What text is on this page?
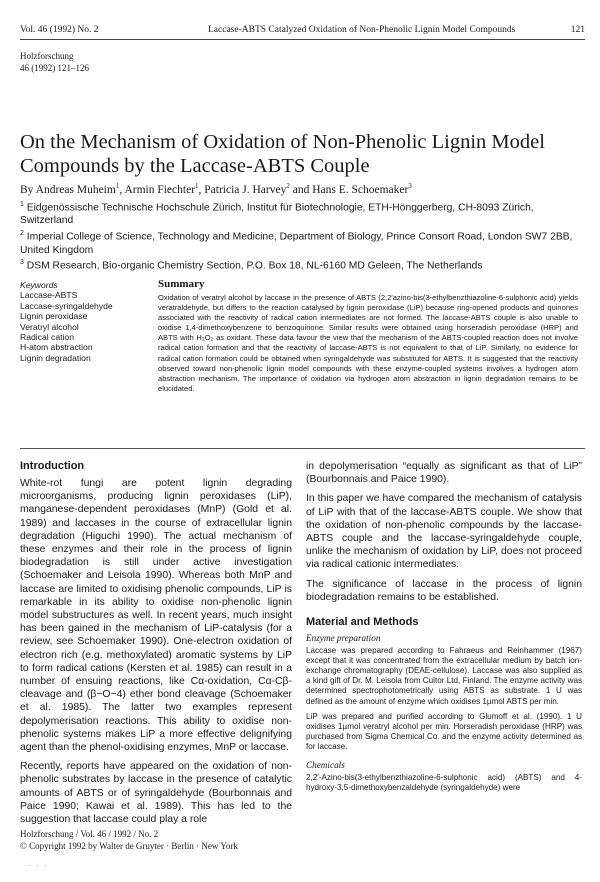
Vol. 46 (1992) No. 2	Laccase-ABTS Catalyzed Oxidation of Non-Phenolic Lignin Model Compounds	121
Holzforschung
46 (1992) 121–126
On the Mechanism of Oxidation of Non-Phenolic Lignin Model Compounds by the Laccase-ABTS Couple
By Andreas Muheim$^1$, Armin Fiechter$^1$, Patricia J. Harvey$^2$ and Hans E. Schoemaker$^3$

$^1$ Eidgenössische Technische Hochschule Zürich, Institut für Biotechnologie, ETH-Hönggerberg, CH-8093 Zürich, Switzerland

$^2$ Imperial College of Science, Technology and Medicine, Department of Biology, Prince Consort Road, London SW7 2BB, United Kingdom

$^3$ DSM Research, Bio-organic Chemistry Section, P.O. Box 18, NL-6160 MD Geleen, The Netherlands

Keywords
Laccase-ABTS
Laccase-syringaldehyde
Lignin peroxidase
Veratryl alcohol
Radical cation
H-atom abstraction
Lignin degradation
Summary

Oxidation of veratryl alcohol by laccase in the presence of ABTS (2,2′azino-bis(3-ethylbenzthiazoline-6-sulphonic acid) yields veratraldehyde, but differs to the reaction catalysed by lignin peroxidase (LiP) because ring-opened products and quinones associated with the reactivity of radical cation intermediates are not formed. The laccase-ABTS couple is also unable to oxidise 1,4-dimethoxybenzene to benzoquinone. Similar results were obtained using horseradish peroxidase (HRP) and ABTS with H₂O₂ as oxidant. These data favour the view that the mechanism of the ABTS-coupled reaction does not involve radical cation formation and that the reactivity of laccase-ABTS is not equivalent to that of LiP. Similarly, no evidence for radical cation formation could be obtained when syringaldehyde was substituted for ABTS. It is suggested that the reactivity observed toward non-phenolic lignin model compounds with these enzyme-coupled systems involves a hydrogen atom abstraction mechanism. The importance of oxidation via hydrogen atom abstraction in lignin degradation remains to be elucidated.

Introduction

White-rot fungi are potent lignin degrading microorganisms, producing lignin peroxidases (LiP), manganese-dependent peroxidases (MnP) (Gold et al. 1989) and laccases in the course of extracellular lignin degradation (Higuchi 1990). The actual mechanism of these enzymes and their role in the process of lignin biodegradation is still under active investigation (Schoemaker and Leisola 1990). Whereas both MnP and laccase are limited to oxidising phenolic compounds, LiP is remarkable in its ability to oxidise non-phenolic lignin model substructures as well. In recent years, much insight has been gained in the mechanism of LiP-catalysis (for a review, see Schoemaker 1990). One-electron oxidation of electron rich (e.g. methoxylated) aromatic systems by LiP to form radical cations (Kersten et al. 1985) can result in a number of ensuing reactions, like Cα-oxidation, Cα-Cβ-cleavage and (β−O−4) ether bond cleavage (Schoemaker et al. 1985). The latter two examples represent depolymerisation reactions. This ability to oxidise non-phenolic systems makes LiP a more effective delignifying agent than the phenol-oxidising enzymes, MnP or laccase.

Recently, reports have appeared on the oxidation of non-phenolic substrates by laccase in the presence of catalytic amounts of ABTS or of syringaldehyde (Bourbonnais and Paice 1990; Kawai et al. 1989). This has led to the suggestion that laccase could play a role

in depolymerisation “equally as significant as that of LiP” (Bourbonnais and Paice 1990).

In this paper we have compared the mechanism of catalysis of LiP with that of the laccase-ABTS couple. We show that the oxidation of non-phenolic compounds by the laccase-ABTS couple and the laccase-syringaldehyde couple, unlike the mechanism of oxidation by LiP, does not proceed via radical cationic intermediates.

The significance of laccase in the process of lignin biodegradation remains to be established.

Material and Methods
Enzyme preparation

Laccase was prepared according to Fahraeus and Reinhammer (1967) except that it was concentrated from the extracellular medium by batch ion-exchange chromatography (DEAE-cellulose). Laccase was also supplied as a kind gift of Dr. M. Leisola from Cultor Ltd, Finland. The enzyme activity was determined spectrophotometrically using ABTS as substrate. 1 U was defined as the amount of enzyme which oxidises 1µmol ABTS per min.

LiP was prepared and purified according to Glumoff et al. (1990). 1 U oxidises 1µmol veratryl alcohol per min. Horseradish peroxidase (HRP) was purchased from Sigma Chemical Co. and the enzyme activity determined as for laccase.

Chemicals

2,2′-Azino-bis(3-ethylbenzthiazoline-6-sulphonic acid) (ABTS) and 4-hydroxy-3,5-dimethoxybenzaldehyde (syringaldehyde) were

Holzforschung / Vol. 46 / 1992 / No. 2
© Copyright 1992 by Walter de Gruyter · Berlin · New York
· · ·
